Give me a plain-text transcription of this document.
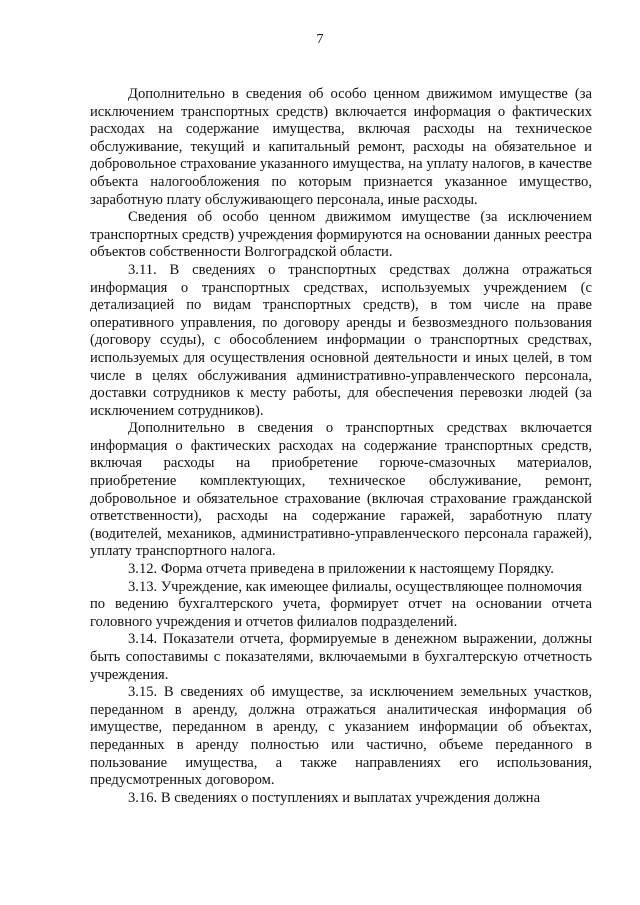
7

Дополнительно в сведения об особо ценном движимом имуществе (за исключением транспортных средств) включается информация о фактических расходах на содержание имущества, включая расходы на техническое обслуживание, текущий и капитальный ремонт, расходы на обязательное и добровольное страхование указанного имущества, на уплату налогов, в качестве объекта налогообложения по которым признается указанное имущество, заработную плату обслуживающего персонала, иные расходы.

Сведения об особо ценном движимом имуществе (за исключением транспортных средств) учреждения формируются на основании данных реестра объектов собственности Волгоградской области.

3.11. В сведениях о транспортных средствах должна отражаться информация о транспортных средствах, используемых учреждением (с детализацией по видам транспортных средств), в том числе на праве оперативного управления, по договору аренды и безвозмездного пользования (договору ссуды), с обособлением информации о транспортных средствах, используемых для осуществления основной деятельности и иных целей, в том числе в целях обслуживания административно-управленческого персонала, доставки сотрудников к месту работы, для обеспечения перевозки людей (за исключением сотрудников).

Дополнительно в сведения о транспортных средствах включается информация о фактических расходах на содержание транспортных средств, включая расходы на приобретение горюче-смазочных материалов, приобретение комплектующих, техническое обслуживание, ремонт, добровольное и обязательное страхование (включая страхование гражданской ответственности), расходы на содержание гаражей, заработную плату (водителей, механиков, административно-управленческого персонала гаражей), уплату транспортного налога.

3.12. Форма отчета приведена в приложении к настоящему Порядку.

3.13. Учреждение, как имеющее филиалы, осуществляющее полномочия

по ведению бухгалтерского учета, формирует отчет на основании отчета головного учреждения и отчетов филиалов подразделений.

3.14. Показатели отчета, формируемые в денежном выражении, должны быть сопоставимы с показателями, включаемыми в бухгалтерскую отчетность учреждения.

3.15. В сведениях об имуществе, за исключением земельных участков, переданном в аренду, должна отражаться аналитическая информация об имуществе, переданном в аренду, с указанием информации об объектах, переданных в аренду полностью или частично, объеме переданного в пользование имущества, а также направлениях его использования, предусмотренных договором.

3.16. В сведениях о поступлениях и выплатах учреждения должна
